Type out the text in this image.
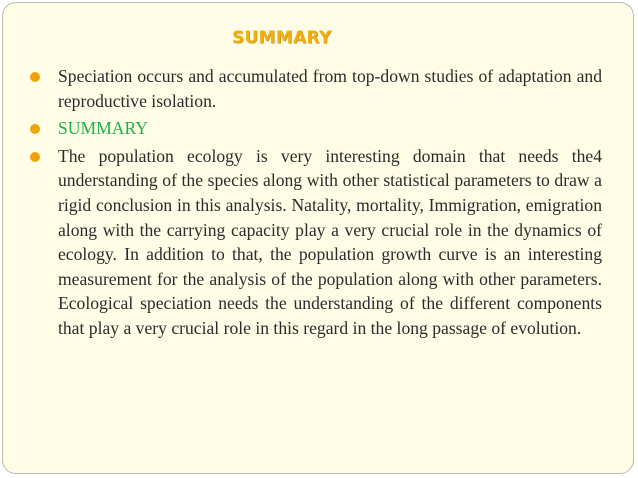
SUMMARY
Speciation occurs and accumulated from top-down studies of adaptation and reproductive isolation.
SUMMARY
The population ecology is very interesting domain that needs the4 understanding of the species along with other statistical parameters to draw a rigid conclusion in this analysis. Natality, mortality, Immigration, emigration along with the carrying capacity play a very crucial role in the dynamics of ecology. In addition to that, the population growth curve is an interesting measurement for the analysis of the population along with other parameters. Ecological speciation needs the understanding of the different components that play a very crucial role in this regard in the long passage of evolution.
